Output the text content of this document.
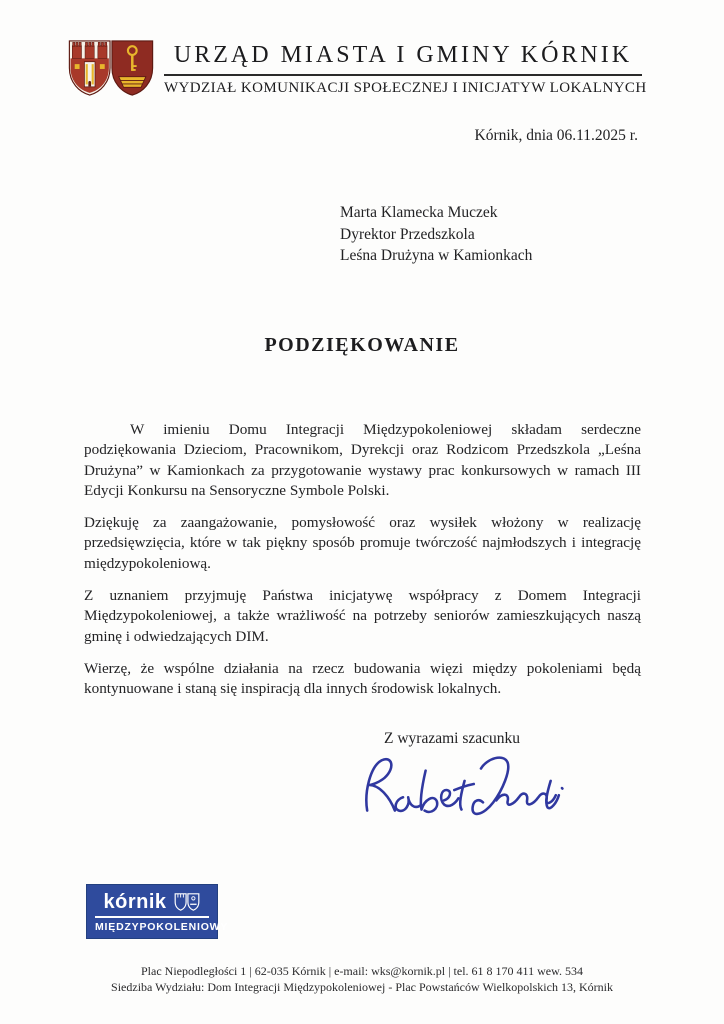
URZĄD MIASTA I GMINY KÓRNIK
WYDZIAŁ KOMUNIKACJI SPOŁECZNEJ I INICJATYW LOKALNYCH
Kórnik, dnia 06.11.2025 r.
Marta Klamecka Muczek
Dyrektor Przedszkola
Leśna Drużyna w Kamionkach
PODZIĘKOWANIE

W imieniu Domu Integracji Międzypokoleniowej składam serdeczne podziękowania Dzieciom, Pracownikom, Dyrekcji oraz Rodzicom Przedszkola „Leśna Drużyna” w Kamionkach za przygotowanie wystawy prac konkursowych w ramach III Edycji Konkursu na Sensoryczne Symbole Polski.

Dziękuję za zaangażowanie, pomysłowość oraz wysiłek włożony w realizację przedsięwzięcia, które w tak piękny sposób promuje twórczość najmłodszych i integrację międzypokoleniową.

Z uznaniem przyjmuję Państwa inicjatywę współpracy z Domem Integracji Międzypokoleniowej, a także wrażliwość na potrzeby seniorów zamieszkujących naszą gminę i odwiedzających DIM.

Wierzę, że wspólne działania na rzecz budowania więzi między pokoleniami będą kontynuowane i staną się inspiracją dla innych środowisk lokalnych.

Z wyrazami szacunku
kórnik
MIĘDZYPOKOLENIOWY
Plac Niepodległości 1 | 62-035 Kórnik | e-mail: wks@kornik.pl | tel. 61 8 170 411 wew. 534
Siedziba Wydziału: Dom Integracji Międzypokoleniowej - Plac Powstańców Wielkopolskich 13, Kórnik
